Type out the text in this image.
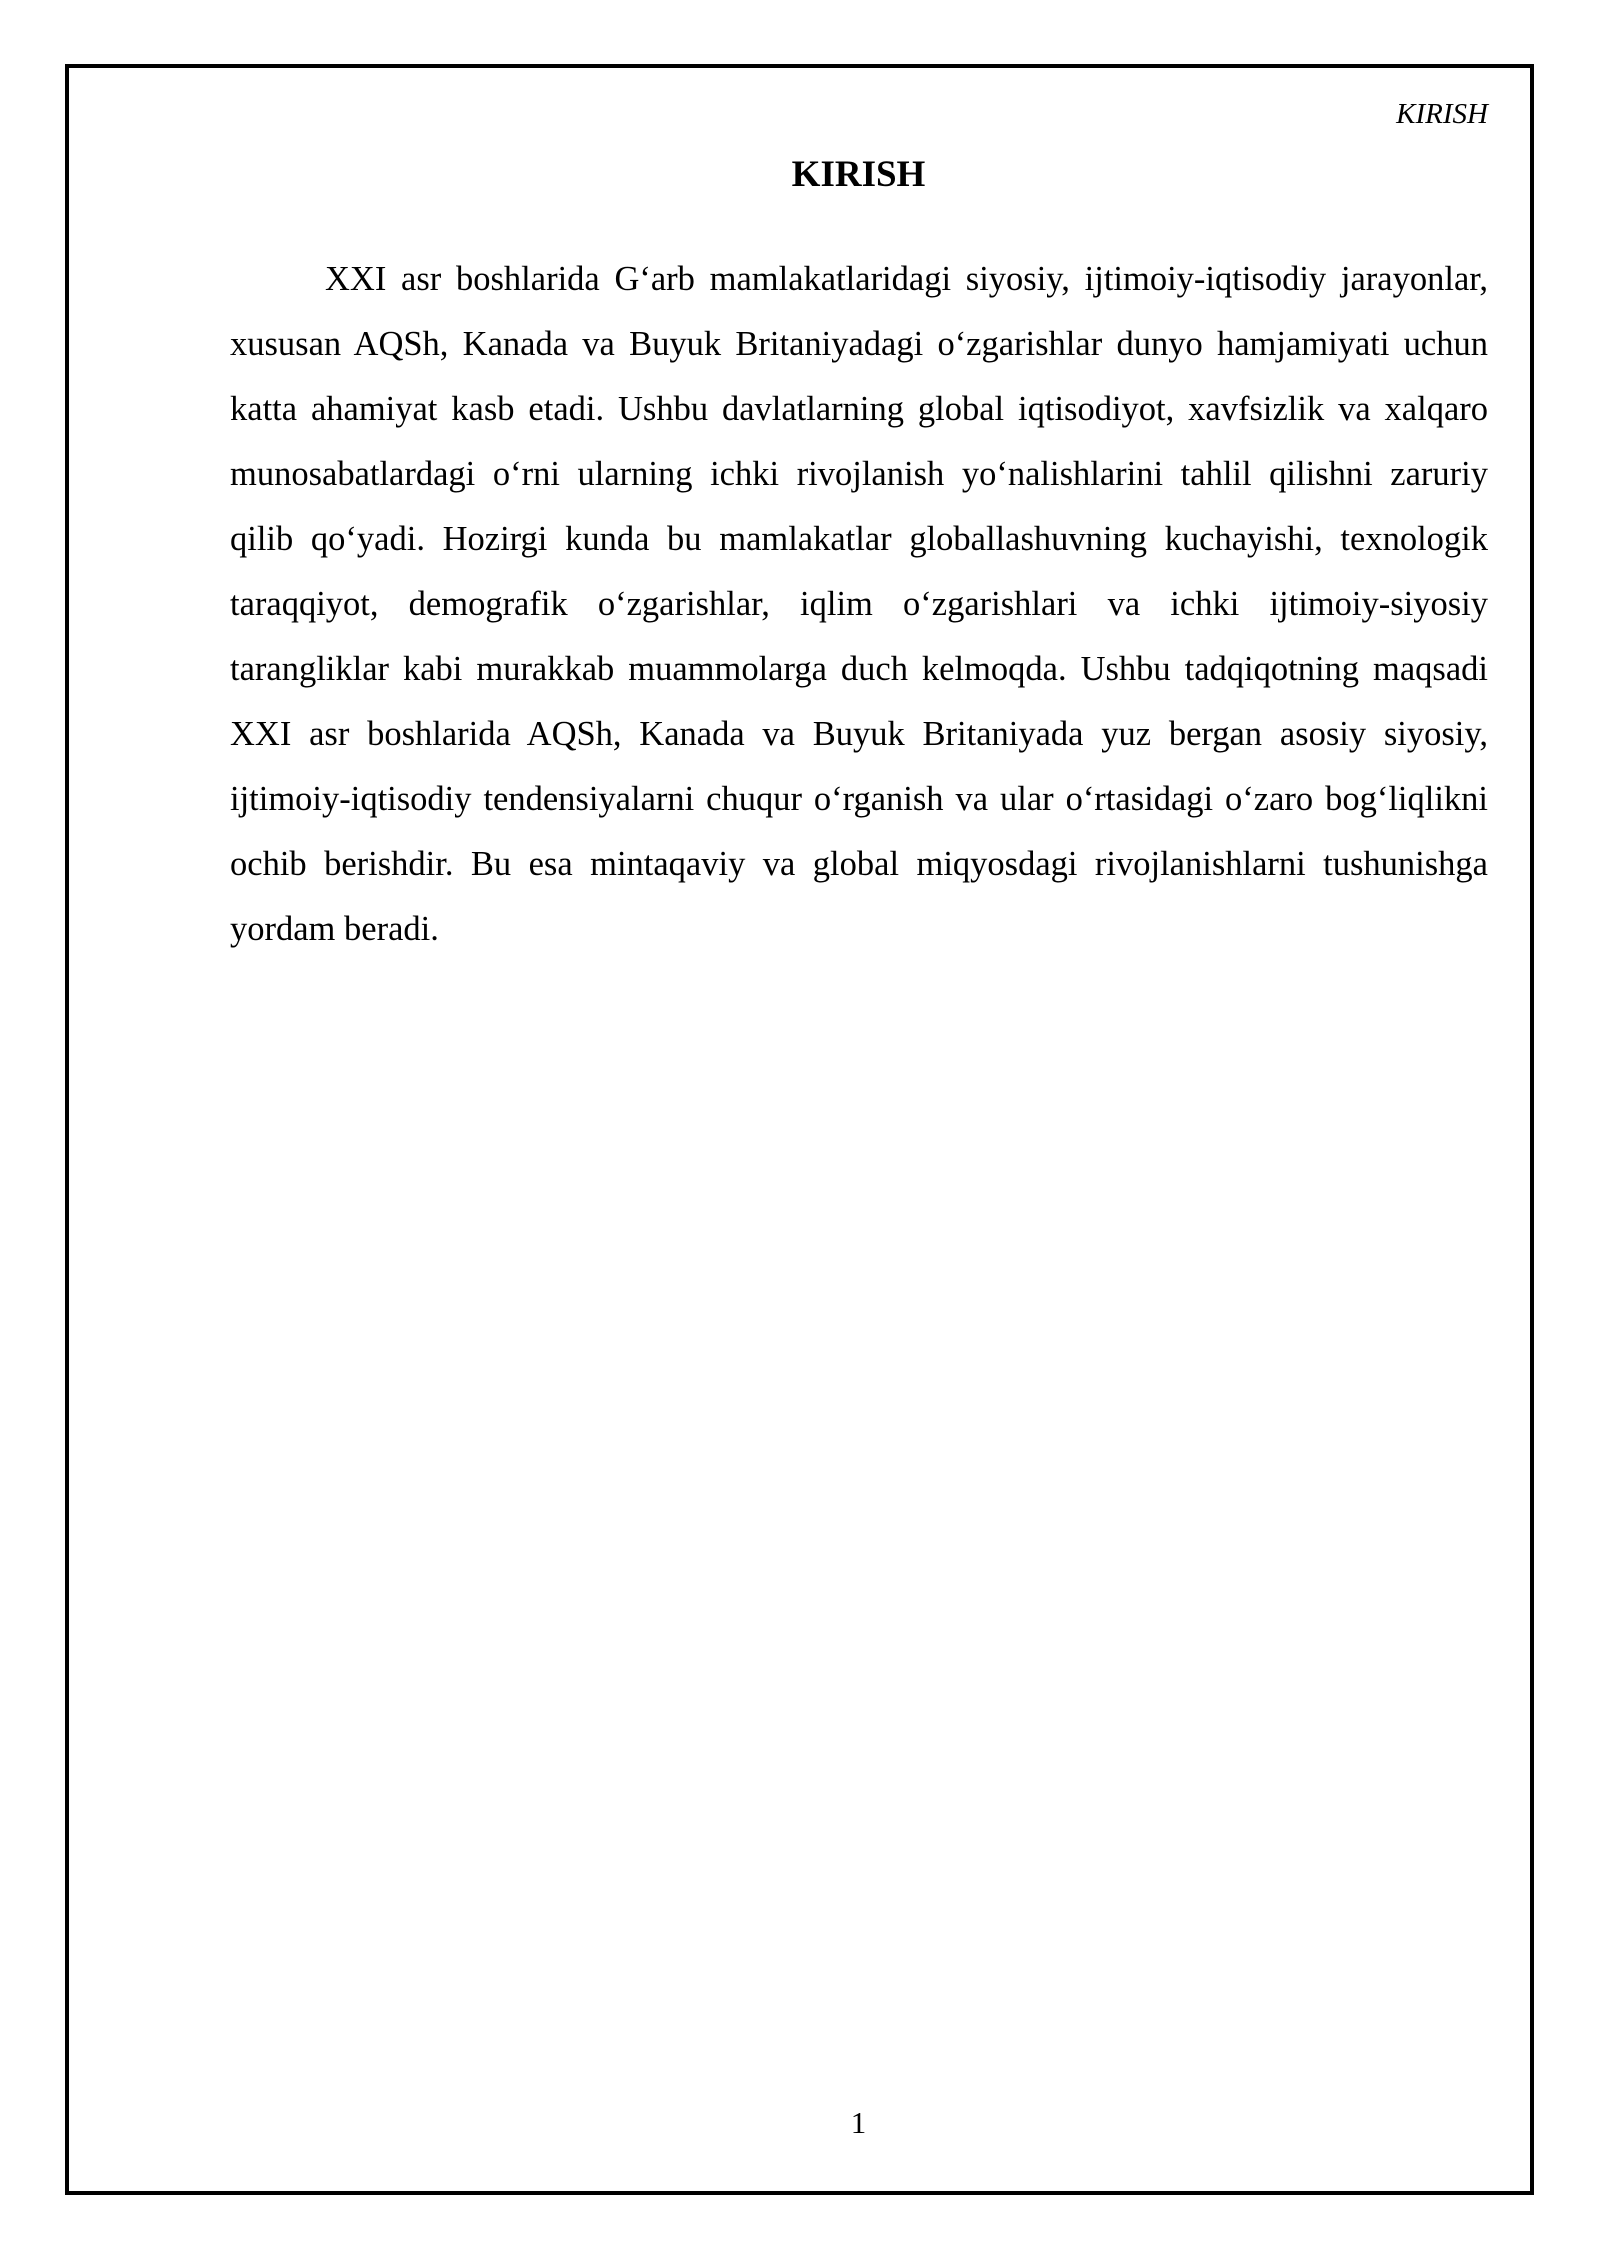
KIRISH
KIRISH

XXI asr boshlarida G‘arb mamlakatlaridagi siyosiy, ijtimoiy-iqtisodiy jarayonlar, xususan AQSh, Kanada va Buyuk Britaniyadagi o‘zgarishlar dunyo hamjamiyati uchun katta ahamiyat kasb etadi. Ushbu davlatlarning global iqtisodiyot, xavfsizlik va xalqaro munosabatlardagi o‘rni ularning ichki rivojlanish yo‘nalishlarini tahlil qilishni zaruriy qilib qo‘yadi. Hozirgi kunda bu mamlakatlar globallashuvning kuchayishi, texnologik taraqqiyot, demografik o‘zgarishlar, iqlim o‘zgarishlari va ichki ijtimoiy-siyosiy tarangliklar kabi murakkab muammolarga duch kelmoqda. Ushbu tadqiqotning maqsadi XXI asr boshlarida AQSh, Kanada va Buyuk Britaniyada yuz bergan asosiy siyosiy, ijtimoiy-iqtisodiy tendensiyalarni chuqur o‘rganish va ular o‘rtasidagi o‘zaro bog‘liqlikni ochib berishdir. Bu esa mintaqaviy va global miqyosdagi rivojlanishlarni tushunishga yordam beradi.

1
